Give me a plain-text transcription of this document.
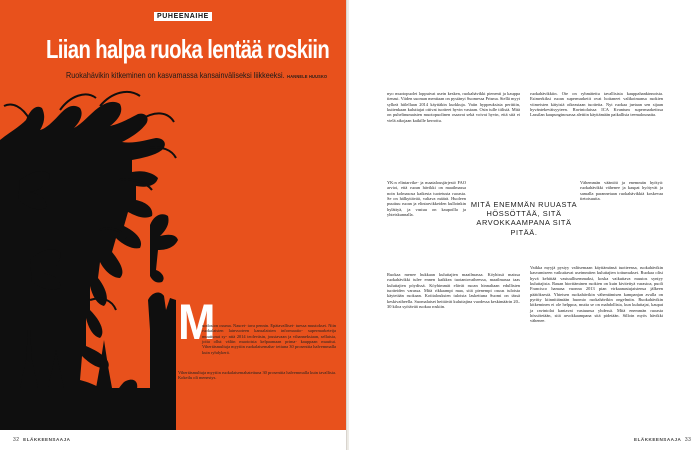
PUHEENAIHE
Liian halpa ruoka lentää roskiin
Ruokahävikin kitkeminen on kasvamassa kansainväliseksi liikkeeksi. HANNELE HUUSKO
M
uodoston osuma. Nauret- tava pennin. Epätavalliset- tuessa muutokset. Niin ruokalaisten lainvuoteen kansalaisten informaatio- supermarketeija muuttunut sy- nttä 2014 teoleväsin, joustavaan ja vihanneksiaan, sellaisia, joita ollut väliin muotoista kelpaamaan prima- kauppaan muuttui. Vihertäsmultuja myytiin ruokalaisemaha- tettuna 30 prosenttia halvemmalla kuin ryhdykerä.
Vihertäsmultuja myytiin ruokalaisemahatettuna 30 prosenttia halvemmalla kuin tavallisia. Kokeilu oli menestys.
32 ELÄKKEENSAAJA
nyo muotopuolet loppuivat usein kesken, ruokahävikki pienenti ja kauppa tienasi. Viiden suoman mentiaan on pystänyt Suomessa Prisma. Siellä myyt sylkeä hiilellaan 2014 käyttäkin kurkkuja. Vaiin hyppeuksista perittiin, kuitenkaan kuluttajat ottivat tuotteet hyvin vastaan. Osin tulle tiilistä. Mitä on puhelinumaisten muotopuolinen osaavat sekä voivat hyvin, että sitä ei vielä aikojaan kaikille kerrottu.
YK:n elintarvike- ja maatalousjärjestö FAO arvioi, että ruoan hävikki on maailmassa noin kolmasosa kaikesta tuotetusta ruoasta. Se on hälkyttävää, valtava määrä. Huoleen puuttuu ruoan ja elintarvikkeiden kulloinkin hylättyä, ja vastuu on kaupoilla ja yhteiskunnalla.
Ruokaa menee hukkaan kuluttajien maailmassa. Köyhissä maissa ruokahävikki tulee ennen kaikkea tuotantovaiheessa, maailmassa taas kuluttajien pöydissä. Köyhimmät elävät ruoan hinnaltaan edullisten tuotteiden varassa. Mitä rikkaampi maa, sitä pienempi osuus tuloista käytetään ruokaan. Kotitalouksien tuloista laskettuna Suomi on tässä keskivaiheella. Suomalaiset heittävät kuluttajina vuodessa keskimäärin 20–30 kiloa syötävää ruokaa roskiin.
ruokahävikkiin. Ote on ryhmätettu tavallisista kauppahankinnoista. Esimerkiksi ruoan supermarketit ovat hoitaneet valikoimansa ruokien viimeisten kätyisiä oikeastaan tuotteita. Nyt ruokaa jaetaan sen sijaan hyväntekeväisyyteen. Ravintolaissa ICA Kvantum supermarketissa Lassilan kaupunginosassa alettiin käyttämään paikallisia teemalounaita.
Vähemmän vääntöä ja enemmän hyötyä: ruokahävikki vähenee ja kaupat hyötyvät ja samalla parannetaan ruokahävikkiä koskevaa tietoisuutta.
Vaikka myyjä pystyy valitsemaan käyttämänsä tuotteensa, ruokahävikin kasvamiseen vaikuttavat useimmiten kuluttajien tottumukset. Ruokaa olisi hyvä kehittää vastuullisemmaksi, koska vaikuttava muutos syntyy kuluttajista. Rauan hiorttäminen ruokien on kuin kivitettyä varastoa, puoli Francisco hamasa vuonna 2013 pian virkaanastujaistensa jälkeen päätöksestä. Yhteisen ruokahävikin vähentämisen kampanjan avulla on pyritty kiinnittämään huomio ruokahävikin ongelmiin. Ruokahävikin kitkeminen ei ole helppoa, mutta se on mahdollista, kun kuluttajat, kaupat ja ravintolat kantavat vastuunsa yhdessä. Mitä enemmän ruoasta hössötetään, sitä arvokkaampana sitä pidetään. Silloin myös hävikki vähenee.
MITÄ ENEMMÄN RUUASTA HÖSSÖTTÄÄ, SITÄ ARVOKKAAMPANA SITÄ PITÄÄ.
ELÄKKEENSAAJA 33
